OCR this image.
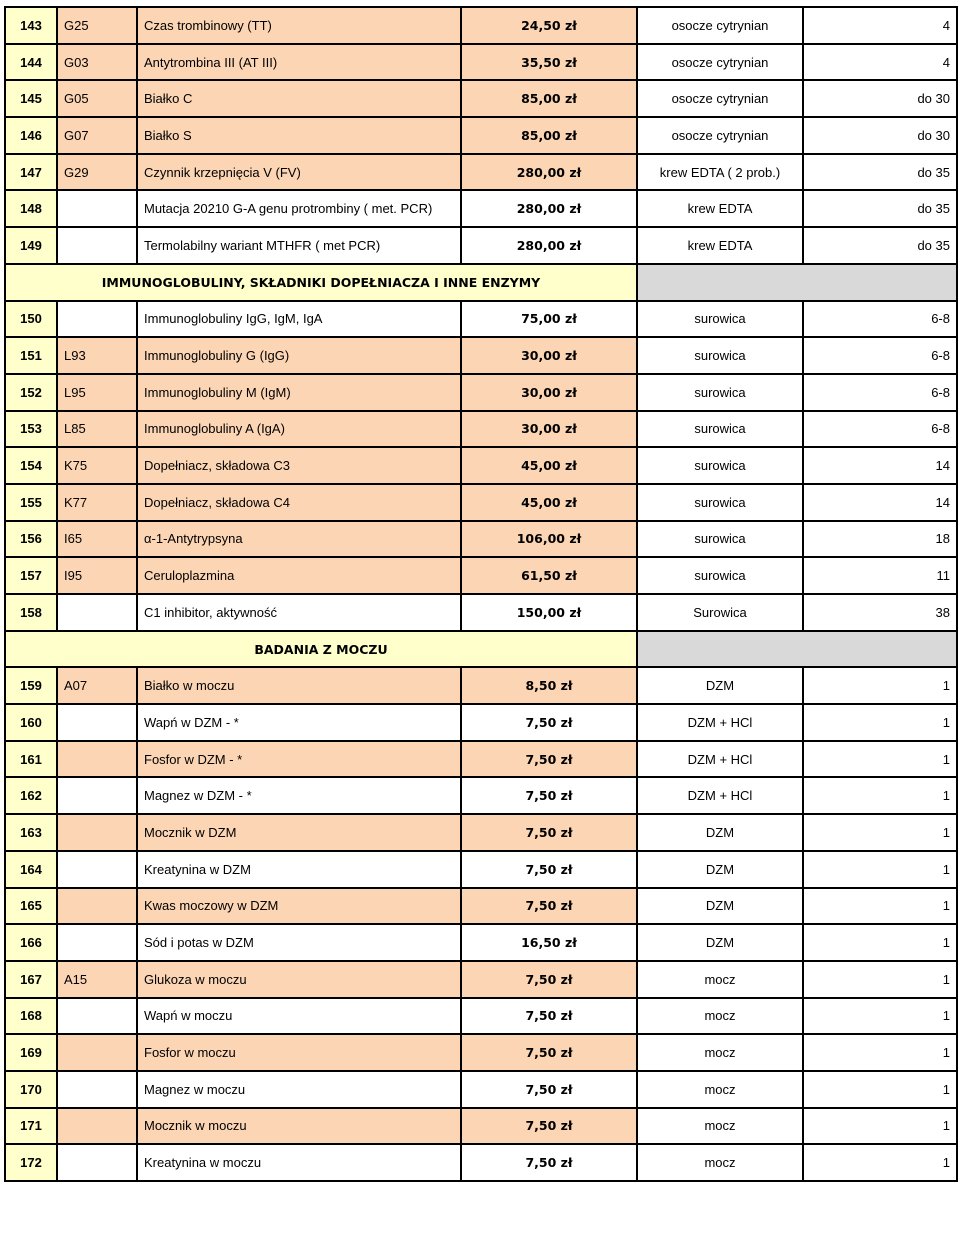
143	G25	Czas trombinowy (TT)	24,50 zł	osocze cytrynian	4
144	G03	Antytrombina III (AT III)	35,50 zł	osocze cytrynian	4
145	G05	Białko C	85,00 zł	osocze cytrynian	do 30
146	G07	Białko S	85,00 zł	osocze cytrynian	do 30
147	G29	Czynnik krzepnięcia V (FV)	280,00 zł	krew EDTA ( 2 prob.)	do 35
148		Mutacja 20210 G-A genu protrombiny ( met. PCR)	280,00 zł	krew EDTA	do 35
149		Termolabilny wariant MTHFR ( met PCR)	280,00 zł	krew EDTA	do 35
IMMUNOGLOBULINY, SKŁADNIKI DOPEŁNIACZA I INNE ENZYMY					
150		Immunoglobuliny IgG, IgM, IgA	75,00 zł	surowica	6-8
151	L93	Immunoglobuliny G (IgG)	30,00 zł	surowica	6-8
152	L95	Immunoglobuliny M (IgM)	30,00 zł	surowica	6-8
153	L85	Immunoglobuliny A (IgA)	30,00 zł	surowica	6-8
154	K75	Dopełniacz, składowa C3	45,00 zł	surowica	14
155	K77	Dopełniacz, składowa C4	45,00 zł	surowica	14
156	I65	α-1-Antytrypsyna	106,00 zł	surowica	18
157	I95	Ceruloplazmina	61,50 zł	surowica	11
158		C1 inhibitor, aktywność	150,00 zł	Surowica	38
BADANIA Z MOCZU					
159	A07	Białko w moczu	8,50 zł	DZM	1
160		Wapń w DZM - *	7,50 zł	DZM + HCl	1
161		Fosfor w DZM - *	7,50 zł	DZM + HCl	1
162		Magnez w DZM - *	7,50 zł	DZM + HCl	1
163		Mocznik w DZM	7,50 zł	DZM	1
164		Kreatynina w DZM	7,50 zł	DZM	1
165		Kwas moczowy w DZM	7,50 zł	DZM	1
166		Sód i potas w DZM	16,50 zł	DZM	1
167	A15	Glukoza w moczu	7,50 zł	mocz	1
168		Wapń w moczu	7,50 zł	mocz	1
169		Fosfor w moczu	7,50 zł	mocz	1
170		Magnez w moczu	7,50 zł	mocz	1
171		Mocznik w moczu	7,50 zł	mocz	1
172		Kreatynina w moczu	7,50 zł	mocz	1
